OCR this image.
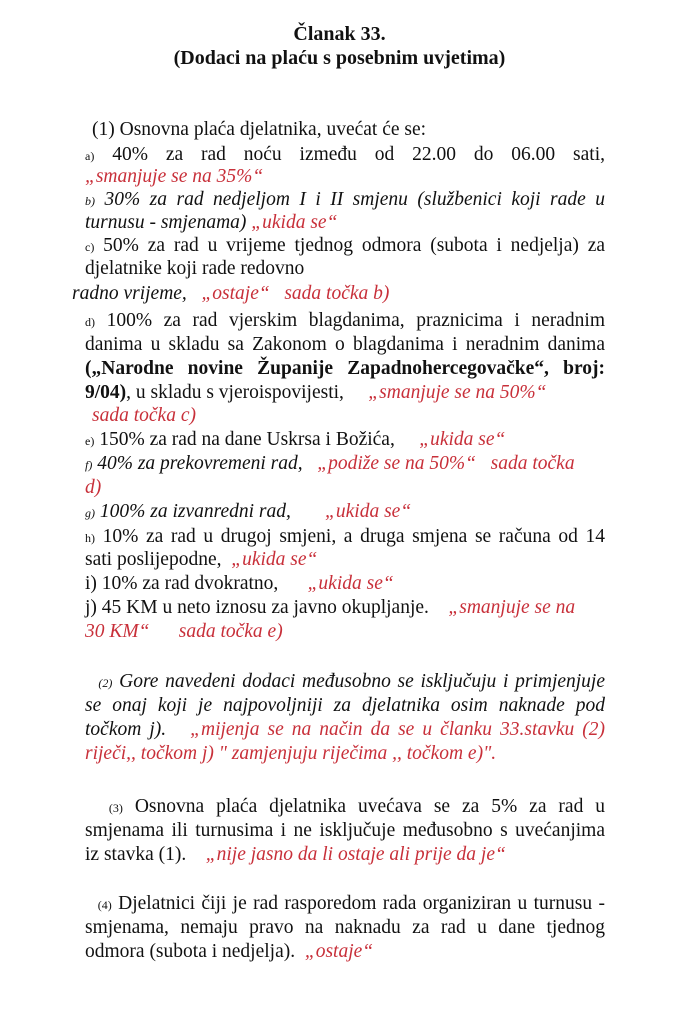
Članak 33.
(Dodaci na plaću s posebnim uvjetima)
(1) Osnovna plaća djelatnika, uvećat će se:
a) 40% za rad noću između od 22.00 do 06.00 sati,
„smanjuje se na 35%“
b) 30% za rad nedjeljom I i II smjenu (službenici koji rade u
turnusu - smjenama) „ukida se“
c) 50% za rad u vrijeme tjednog odmora (subota i nedjelja) za
djelatnike koji rade redovno
radno vrijeme, „ostaje“ sada točka b)
d) 100% za rad vjerskim blagdanima, praznicima i neradnim
danima u skladu sa Zakonom o blagdanima i neradnim danima
(„Narodne novine Županije Zapadnohercegovačke“, broj:
9/04), u skladu s vjeroispovijesti, „smanjuje se na 50%“
sada točka c)
e) 150% za rad na dane Uskrsa i Božića, „ukida se“
f) 40% za prekovremeni rad, „podiže se na 50%“ sada točka
d)
g) 100% za izvanredni rad, „ukida se“
h) 10% za rad u drugoj smjeni, a druga smjena se računa od 14
sati poslijepodne, „ukida se“
i) 10% za rad dvokratno, „ukida se“
j) 45 KM u neto iznosu za javno okupljanje. „smanjuje se na
30 KM“ sada točka e)
(2) Gore navedeni dodaci međusobno se isključuju i primjenjuje
se onaj koji je najpovoljniji za djelatnika osim naknade pod
točkom j). „mijenja se na način da se u članku 33.stavku (2)
riječi,, točkom j) " zamjenjuju riječima ,, točkom e)".
(3) Osnovna plaća djelatnika uvećava se za 5% za rad u
smjenama ili turnusima i ne isključuje međusobno s uvećanjima
iz stavka (1). „nije jasno da li ostaje ali prije da je“
(4) Djelatnici čiji je rad rasporedom rada organiziran u turnusu -
smjenama, nemaju pravo na naknadu za rad u dane tjednog
odmora (subota i nedjelja). „ostaje“
